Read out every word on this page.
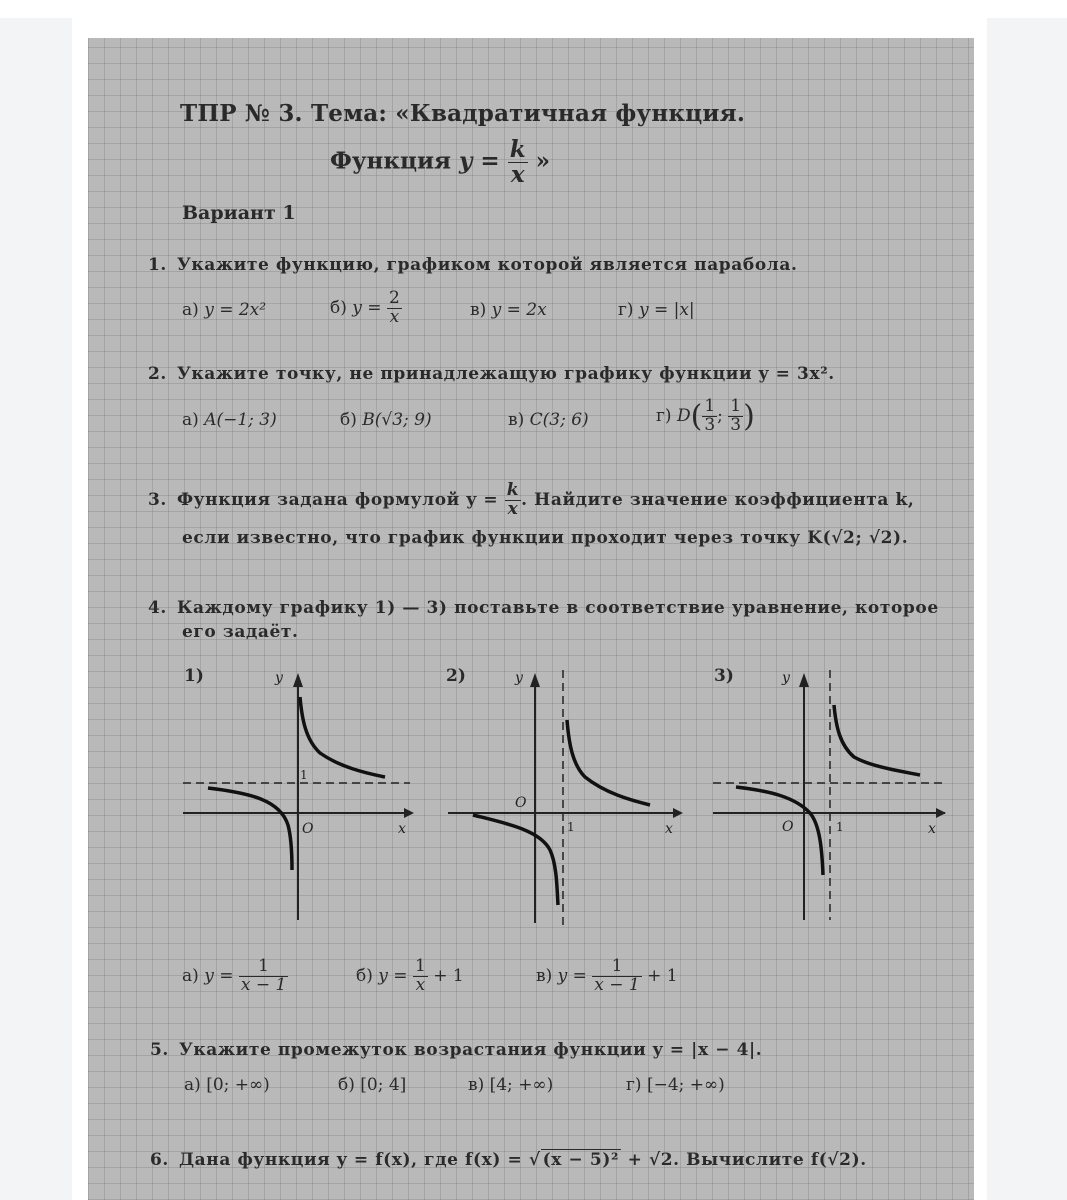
ТПР № 3. Тема: «Квадратичная функция.
Функция $y = \frac{k}{x}$ »
Вариант 1
1. Укажите функцию, графиком которой является парабола.
а) y = 2x²	б) $y = \frac{2}{x}$	в) y = 2x	г) y = |x|
2. Укажите точку, не принадлежащую графику функции y = 3x².
а) A(−1; 3)	б) B(√3; 9)	в) C(3; 6)	г) $D( \frac{1}{3}$ ; $\frac{1}{3}$ )
3. Функция задана формулой $y = \frac{k}{x}$ . Найдите значение коэффициента k,
если известно, что график функции проходит через точку K(√2; √2).
4. Каждому графику 1) — 3) поставьте в соответствие уравнение, которое
его задаёт.
1)	y
x
O
1
2)	y
x
O
1
3)	y
x
O	1
а) $y = \frac{1}{x - 1}$	б) $y = \frac{1}{x} + 1$	в) $y = \frac{1}{x - 1} + 1$
5. Укажите промежуток возрастания функции y = |x − 4|.
а) [0; +∞)	б) [0; 4]	в) [4; +∞)	г) [−4; +∞)
6. Дана функция y = f(x), где f(x) = √ (x − 5)² + √2. Вычислите f(√2).
